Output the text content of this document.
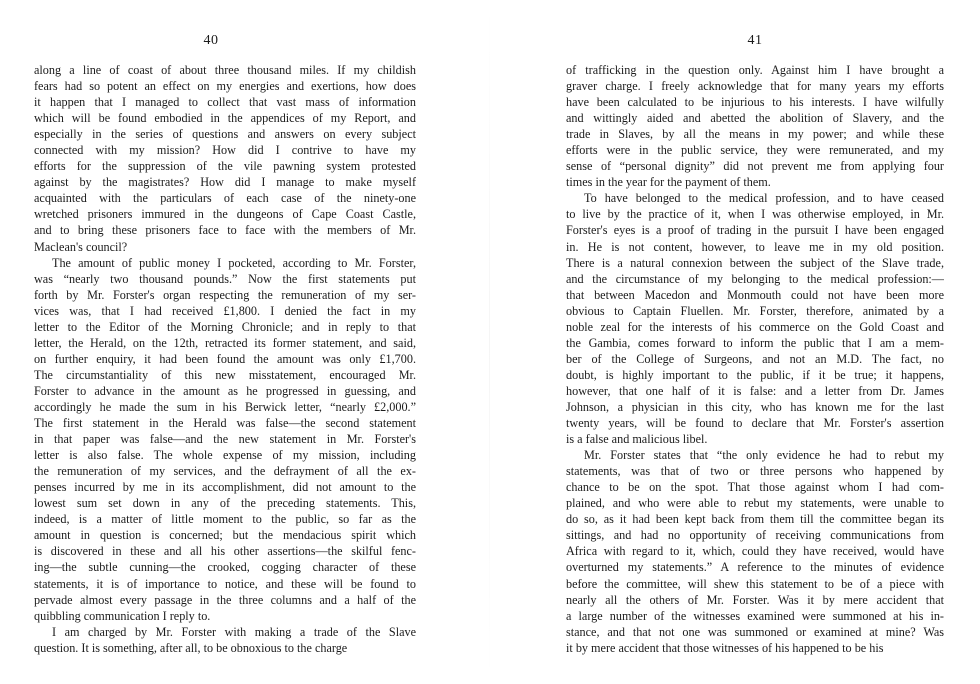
40
along a line of coast of about three thousand miles. If my childish
fears had so potent an effect on my energies and exertions, how does
it happen that I managed to collect that vast mass of information
which will be found embodied in the appendices of my Report, and
especially in the series of questions and answers on every subject
connected with my mission? How did I contrive to have my
efforts for the suppression of the vile pawning system protested
against by the magistrates? How did I manage to make myself
acquainted with the particulars of each case of the ninety-one
wretched prisoners immured in the dungeons of Cape Coast Castle,
and to bring these prisoners face to face with the members of Mr.
Maclean's council?
The amount of public money I pocketed, according to Mr. Forster,
was “nearly two thousand pounds.” Now the first statements put
forth by Mr. Forster's organ respecting the remuneration of my ser-
vices was, that I had received £1,800. I denied the fact in my
letter to the Editor of the Morning Chronicle; and in reply to that
letter, the Herald, on the 12th, retracted its former statement, and said,
on further enquiry, it had been found the amount was only £1,700.
The circumstantiality of this new misstatement, encouraged Mr.
Forster to advance in the amount as he progressed in guessing, and
accordingly he made the sum in his Berwick letter, “nearly £2,000.”
The first statement in the Herald was false—the second statement
in that paper was false—and the new statement in Mr. Forster's
letter is also false. The whole expense of my mission, including
the remuneration of my services, and the defrayment of all the ex-
penses incurred by me in its accomplishment, did not amount to the
lowest sum set down in any of the preceding statements. This,
indeed, is a matter of little moment to the public, so far as the
amount in question is concerned; but the mendacious spirit which
is discovered in these and all his other assertions—the skilful fenc-
ing—the subtle cunning—the crooked, cogging character of these
statements, it is of importance to notice, and these will be found to
pervade almost every passage in the three columns and a half of the
quibbling communication I reply to.
I am charged by Mr. Forster with making a trade of the Slave
question. It is something, after all, to be obnoxious to the charge
41
of trafficking in the question only. Against him I have brought a
graver charge. I freely acknowledge that for many years my efforts
have been calculated to be injurious to his interests. I have wilfully
and wittingly aided and abetted the abolition of Slavery, and the
trade in Slaves, by all the means in my power; and while these
efforts were in the public service, they were remunerated, and my
sense of “personal dignity” did not prevent me from applying four
times in the year for the payment of them.
To have belonged to the medical profession, and to have ceased
to live by the practice of it, when I was otherwise employed, in Mr.
Forster's eyes is a proof of trading in the pursuit I have been engaged
in. He is not content, however, to leave me in my old position.
There is a natural connexion between the subject of the Slave trade,
and the circumstance of my belonging to the medical profession:—
that between Macedon and Monmouth could not have been more
obvious to Captain Fluellen. Mr. Forster, therefore, animated by a
noble zeal for the interests of his commerce on the Gold Coast and
the Gambia, comes forward to inform the public that I am a mem-
ber of the College of Surgeons, and not an M.D. The fact, no
doubt, is highly important to the public, if it be true; it happens,
however, that one half of it is false: and a letter from Dr. James
Johnson, a physician in this city, who has known me for the last
twenty years, will be found to declare that Mr. Forster's assertion
is a false and malicious libel.
Mr. Forster states that “the only evidence he had to rebut my
statements, was that of two or three persons who happened by
chance to be on the spot. That those against whom I had com-
plained, and who were able to rebut my statements, were unable to
do so, as it had been kept back from them till the committee began its
sittings, and had no opportunity of receiving communications from
Africa with regard to it, which, could they have received, would have
overturned my statements.” A reference to the minutes of evidence
before the committee, will shew this statement to be of a piece with
nearly all the others of Mr. Forster. Was it by mere accident that
a large number of the witnesses examined were summoned at his in-
stance, and that not one was summoned or examined at mine? Was
it by mere accident that those witnesses of his happened to be his
